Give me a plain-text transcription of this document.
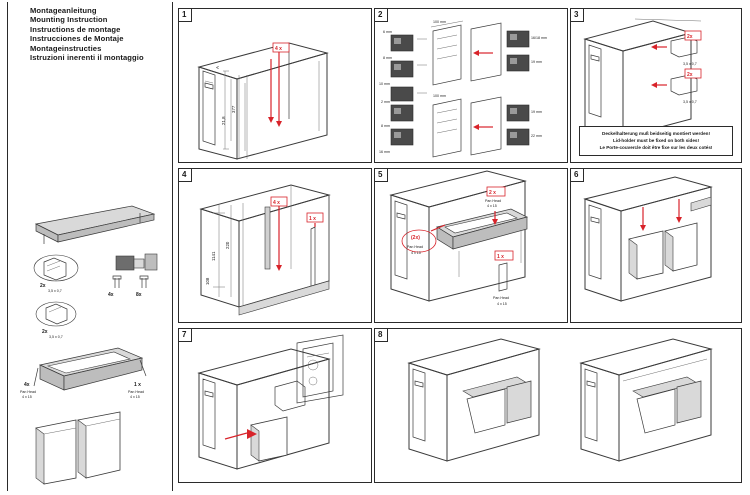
Montageanleitung
Mounting Instruction
Instructions de montage
Instrucciones de Montaje
Montageinstructies
Istruzioni inerenti il montaggio
2x
3,5 x 0,7
4x	8x
2x
3,5 x 0,7
4x
Pan Head
4 x 15
1 x
Pan Head
4 x 15
1
4 x
A
377
21,8
2
6 mm
8 mm
10 mm
100 mm
16/18 mm
19 mm
2 mm
8 mm
16 mm
100 mm
19 mm
22 mm
3
2x
3,5 x 0,7
2x
3,5 x 0,7
Deckelhalterung muß beidseitig montiert werden!
Lid-holder must be fixed on both sides!
Le Porte-couvercle doit être fixe sur les deux cotés!
4
1141
220
108
4 x
1 x
5
2 x
Pan Head
4 x 15
(2x)
Pan Head
4 x 15
1 x
Pan Head
4 x 15
6
7	8
